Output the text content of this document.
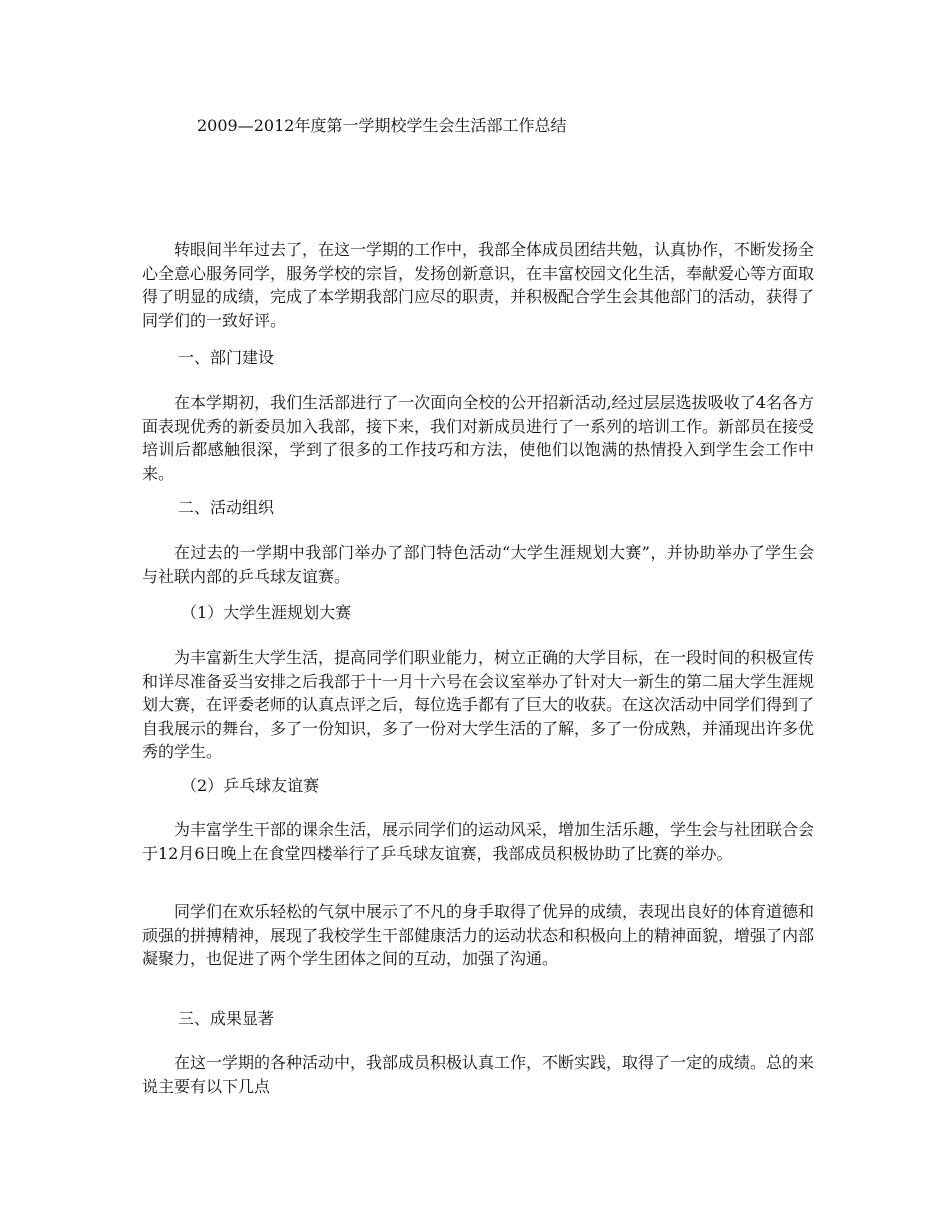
2009—2012年度第一学期校学生会生活部工作总结
转眼间半年过去了，在这一学期的工作中，我部全体成员团结共勉，认真协作，不断发扬全心全意心服务同学，服务学校的宗旨，发扬创新意识，在丰富校园文化生活，奉献爱心等方面取得了明显的成绩，完成了本学期我部门应尽的职责，并积极配合学生会其他部门的活动，获得了同学们的一致好评。
一、部门建设
在本学期初，我们生活部进行了一次面向全校的公开招新活动,经过层层选拔吸收了4名各方面表现优秀的新委员加入我部，接下来，我们对新成员进行了一系列的培训工作。新部员在接受培训后都感触很深，学到了很多的工作技巧和方法，使他们以饱满的热情投入到学生会工作中来。
二、活动组织
在过去的一学期中我部门举办了部门特色活动“大学生涯规划大赛”，并协助举办了学生会与社联内部的乒乓球友谊赛。
（1）大学生涯规划大赛
为丰富新生大学生活，提高同学们职业能力，树立正确的大学目标，在一段时间的积极宣传和详尽准备妥当安排之后我部于十一月十六号在会议室举办了针对大一新生的第二届大学生涯规划大赛，在评委老师的认真点评之后，每位选手都有了巨大的收获。在这次活动中同学们得到了自我展示的舞台，多了一份知识，多了一份对大学生活的了解，多了一份成熟，并涌现出许多优秀的学生。
（2）乒乓球友谊赛
为丰富学生干部的课余生活，展示同学们的运动风采，增加生活乐趣，学生会与社团联合会于12月6日晚上在食堂四楼举行了乒乓球友谊赛，我部成员积极协助了比赛的举办。
同学们在欢乐轻松的气氛中展示了不凡的身手取得了优异的成绩，表现出良好的体育道德和顽强的拼搏精神，展现了我校学生干部健康活力的运动状态和积极向上的精神面貌，增强了内部凝聚力，也促进了两个学生团体之间的互动，加强了沟通。
三、成果显著
在这一学期的各种活动中，我部成员积极认真工作，不断实践，取得了一定的成绩。总的来说主要有以下几点
